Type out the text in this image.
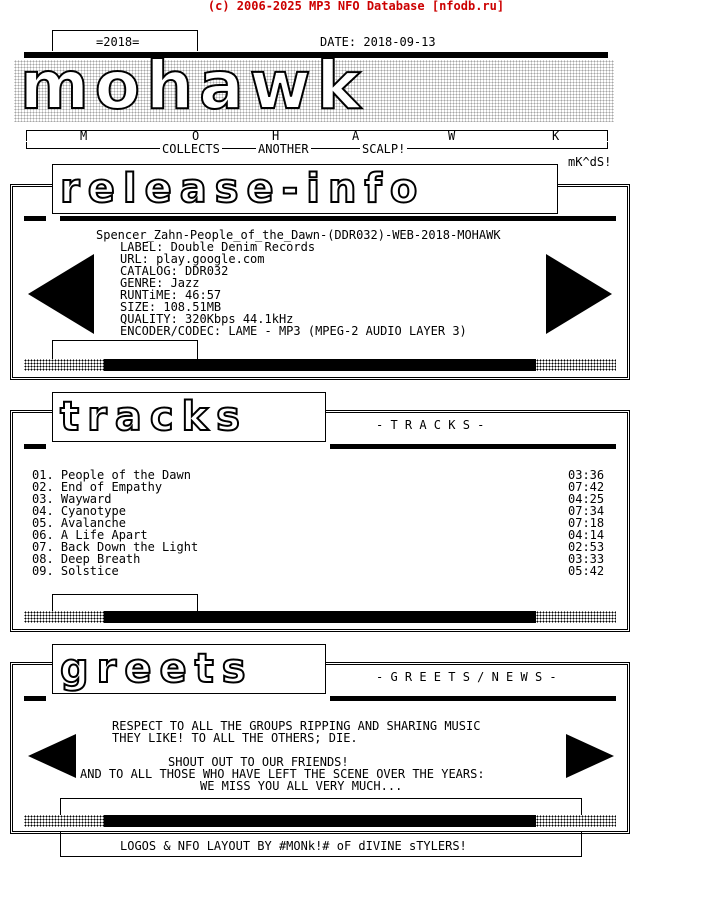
(c) 2006-2025 MP3 NFO Database [nfodb.ru]
=2018=	DATE: 2018-09-13
mohawk
M	O	H	A	W	K
COLLECTS	ANOTHER	SCALP!
mK^dS!
release-info
Spencer_Zahn-People_of_the_Dawn-(DDR032)-WEB-2018-MOHAWK
LABEL: Double Denim Records
URL: play.google.com
CATALOG: DDR032
GENRE: Jazz
RUNTiME: 46:57
SIZE: 108.51MB
QUALITY: 320Kbps 44.1kHz
ENCODER/CODEC: LAME - MP3 (MPEG-2 AUDIO LAYER 3)
tracks	- T R A C K S -
01. People of the Dawn	03:36
02. End of Empathy	07:42
03. Wayward	04:25
04. Cyanotype	07:34
05. Avalanche	07:18
06. A Life Apart	04:14
07. Back Down the Light	02:53
08. Deep Breath	03:33
09. Solstice	05:42
greets	- G R E E T S / N E W S -
RESPECT TO ALL THE GROUPS RIPPING AND SHARING MUSIC
THEY LIKE! TO ALL THE OTHERS; DIE.
SHOUT OUT TO OUR FRIENDS!
AND TO ALL THOSE WHO HAVE LEFT THE SCENE OVER THE YEARS:
WE MISS YOU ALL VERY MUCH...
LOGOS & NFO LAYOUT BY #MONk!# oF dIVINE sTYLERS!
